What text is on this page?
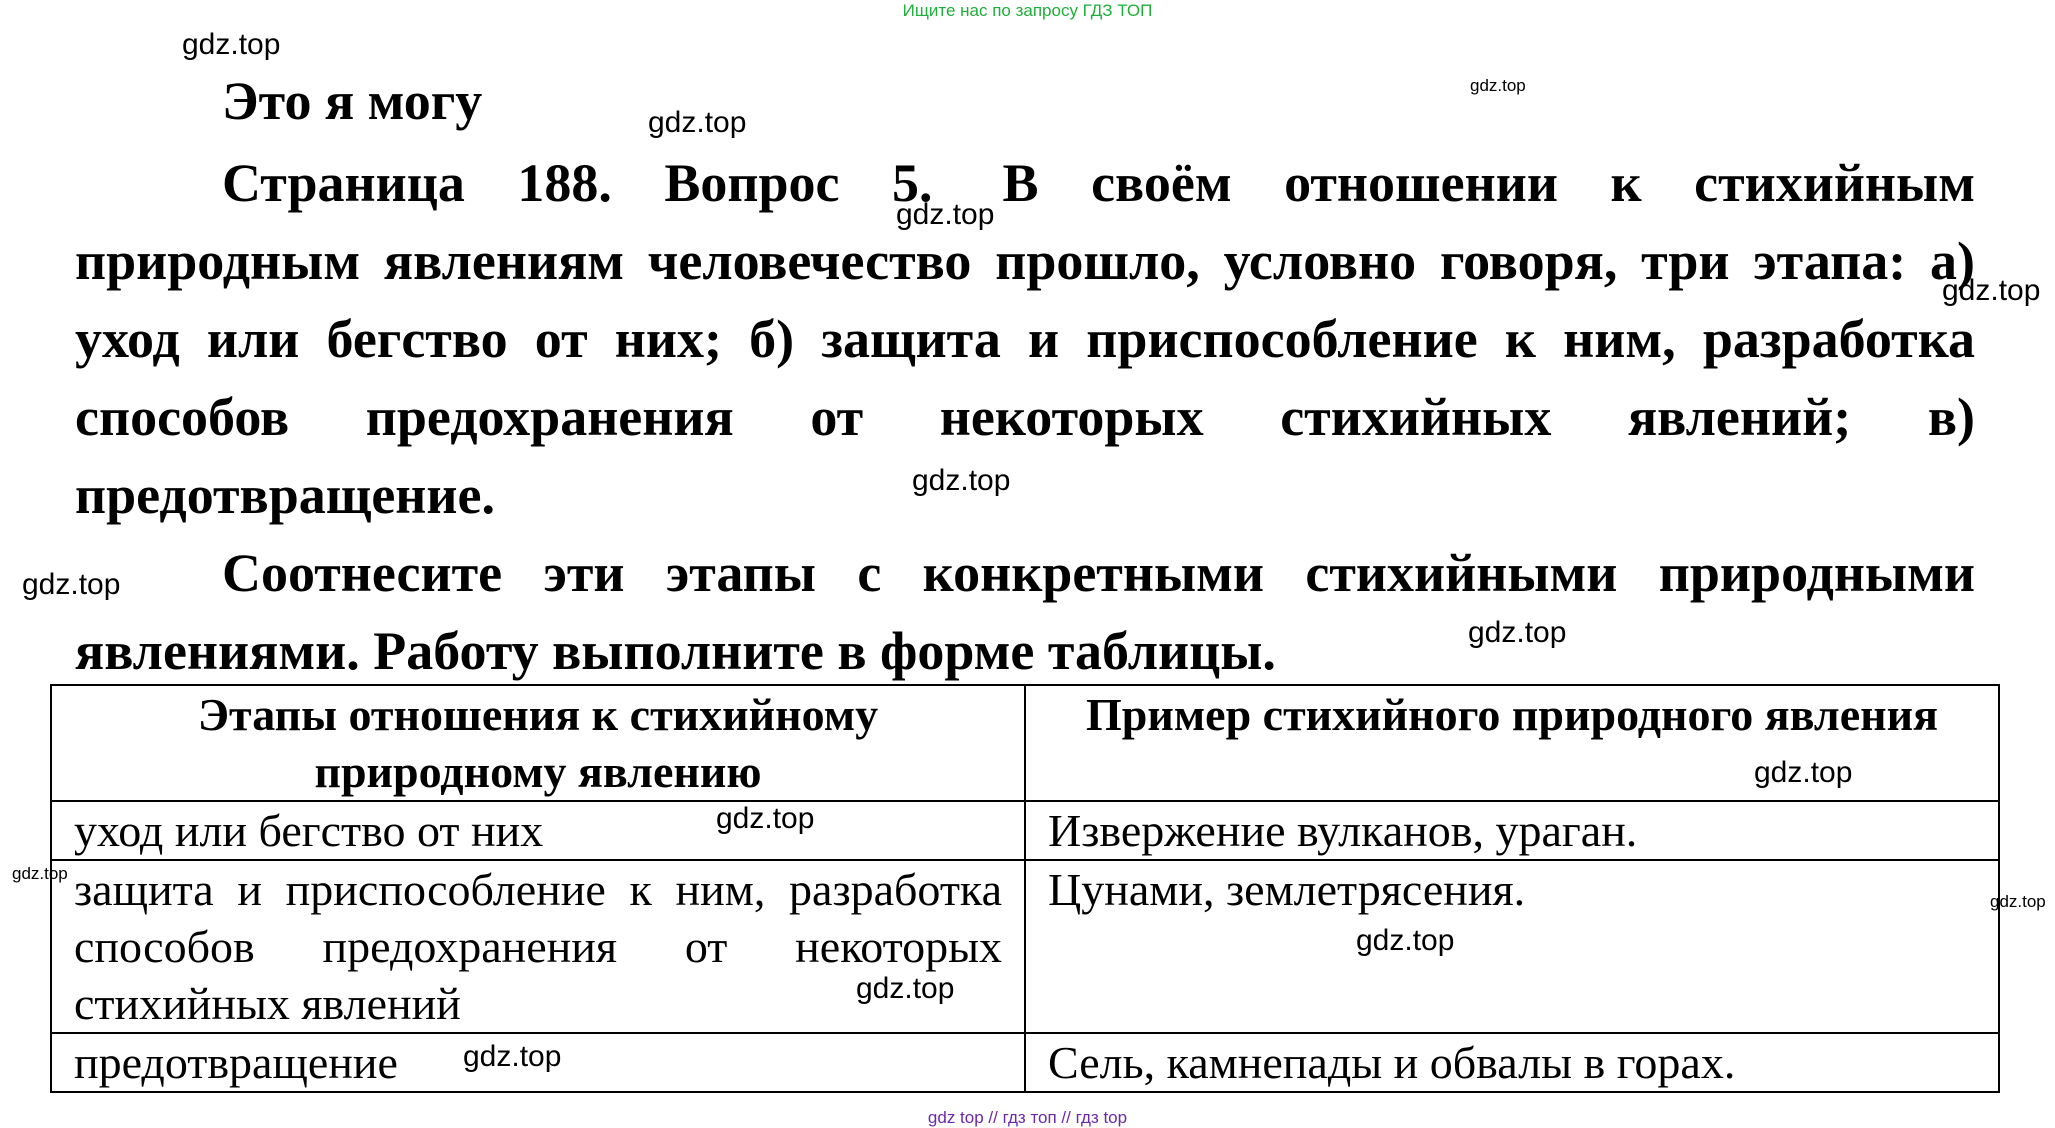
Ищите нас по запросу ГДЗ ТОП
Это я могу

Страница 188. Вопрос 5. В своём отношении к стихийным природным явлениям человечество прошло, условно говоря, три этапа: а) уход или бегство от них; б) защита и приспособление к ним, разработка способов предохранения от некоторых стихийных явлений; в) предотвращение.

Соотнесите эти этапы с конкретными стихийными природными явлениями. Работу выполните в форме таблицы.

Этапы отношения к стихийному природному явлению	Пример стихийного природного явления
уход или бегство от них	Извержение вулканов, ураган.
защита и приспособление к ним, разработка способов предохранения от некоторых стихийных явлений	Цунами, землетрясения.
предотвращение	Сель, камнепады и обвалы в горах.
gdz.top
gdz.top
gdz.top
gdz.top
gdz.top
gdz.top
gdz.top
gdz.top
gdz.top
gdz.top
gdz.top
gdz.top
gdz.top
gdz.top
gdz.top
gdz top // гдз топ // гдз top
